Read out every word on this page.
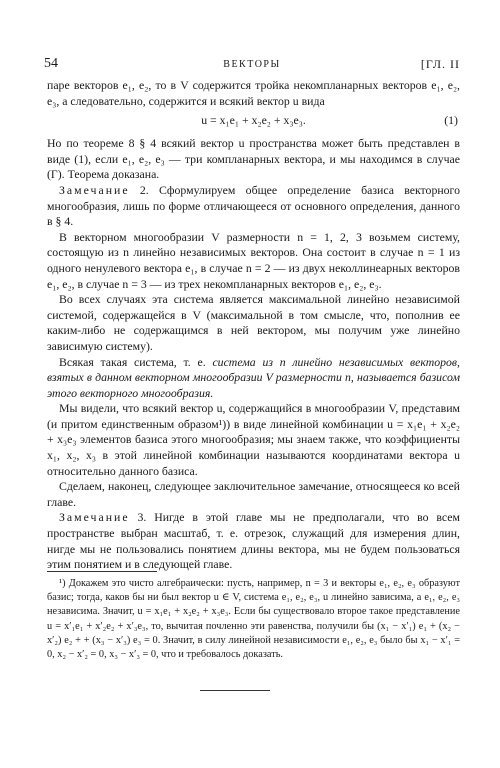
54	ВЕКТОРЫ	[ГЛ. II

паре векторов e₁, e₂, то в V содержится тройка некомпланарных векторов e₁, e₂, e₃, а следовательно, содержится и всякий вектор u вида

u = x₁e₁ + x₂e₂ + x₃e₃.	(1)

Но по теореме 8 § 4 всякий вектор u пространства может быть представлен в виде (1), если e₁, e₂, e₃ — три компланарных вектора, и мы находимся в случае (Г). Теорема доказана.

Замечание 2. Сформулируем общее определение базиса векторного многообразия, лишь по форме отличающееся от основного определения, данного в § 4.

В векторном многообразии V размерности n = 1, 2, 3 возьмем систему, состоящую из n линейно независимых векторов. Она состоит в случае n = 1 из одного ненулевого вектора e₁, в случае n = 2 — из двух неколлинеарных векторов e₁, e₂, в случае n = 3 — из трех некомпланарных векторов e₁, e₂, e₃.

Во всех случаях эта система является максимальной линейно независимой системой, содержащейся в V (максимальной в том смысле, что, пополнив ее каким-либо не содержащимся в ней вектором, мы получим уже линейно зависимую систему).

Всякая такая система, т. е. система из n линейно независимых векторов, взятых в данном векторном многообразии V размерности n, называется базисом этого векторного многообразия.

Мы видели, что всякий вектор u, содержащийся в многообразии V, представим (и притом единственным образом¹)) в виде линейной комбинации u = x₁e₁ + x₂e₂ + x₃e₃ элементов базиса этого многообразия; мы знаем также, что коэффициенты x₁, x₂, x₃ в этой линейной комбинации называются координатами вектора u относительно данного базиса.

Сделаем, наконец, следующее заключительное замечание, относящееся ко всей главе.

Замечание 3. Нигде в этой главе мы не предполагали, что во всем пространстве выбран масштаб, т. е. отрезок, служащий для измерения длин, нигде мы не пользовались понятием длины вектора, мы не будем пользоваться этим понятием и в следующей главе.

¹) Докажем это чисто алгебраически: пусть, например, n = 3 и векторы e₁, e₂, e₃ образуют базис; тогда, каков бы ни был вектор u ∈ V, система e₁, e₂, e₃, u линейно зависима, а e₁, e₂, e₃ независима. Значит, u = x₁e₁ + x₂e₂ + x₃e₃. Если бы существовало второе такое представление u = x′₁e₁ + x′₂e₂ + x′₃e₃, то, вычитая почленно эти равенства, получили бы (x₁ − x′₁) e₁ + (x₂ − x′₂) e₂ + + (x₃ − x′₃) e₃ = 0. Значит, в силу линейной независимости e₁, e₂, e₃ было бы x₁ − x′₁ = 0, x₂ − x′₂ = 0, x₃ − x′₃ = 0, что и требовалось доказать.
